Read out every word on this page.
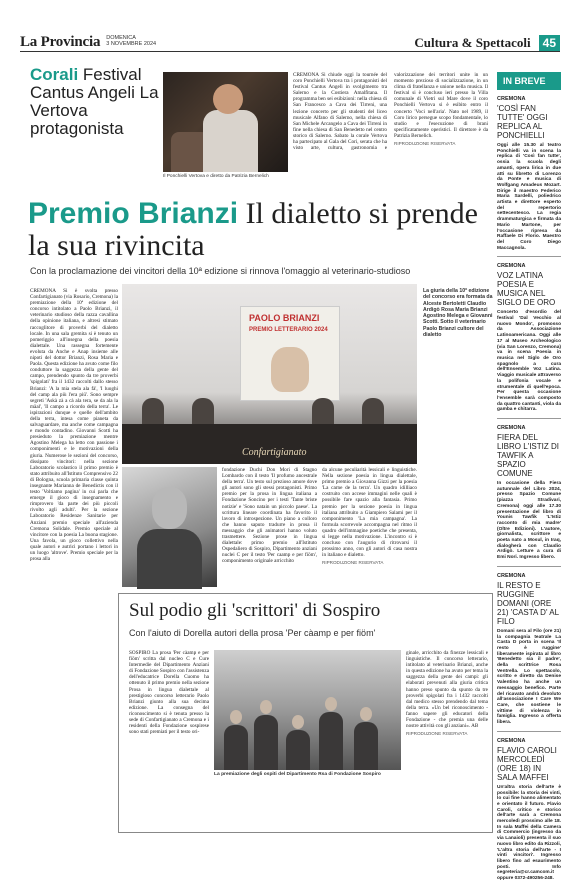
La Provincia DOMENICA
3 NOVEMBRE 2024	Cultura & Spettacoli	45
Corali Festival Cantus Angeli La Vertova protagonista
Il Ponchielli Vertova e diretto da Patrizia Bernelich
CREMONA Si chiude oggi la tournée del coro Ponchielli Vertova tra i protagonisti del festival Cantus Angeli in svolgimento tra Salerno e la Costiera Amalfitana. Il programma ben sei esibizioni: nella chiesa di San Francesco a Cava dei Tirreni, una lezione concerto per gli studenti del liceo musicale Alfano di Salerno, nella chiesa di San Michele Arcangelo a Cava dei Tirreni in fine nella chiesa di San Benedetto nel centro storico di Salerno. Sabato la corale Vertova ha partecipato al Gala del Cori, serata che ha visto arte, cultura, gastronomia e valorizzazione dei territori unite in un momento prezioso di socializzazione, in un clima di fratellanza e unione nella musica. Il festival si è concluso ieri presso la Villa comunale di Vietri sul Mare dove il coro Ponchielli Vertova si è esibito entro il concerto 'Voci nell'aria'. Nato nel 1989, il Coro lirico persegue scopo fondamentale, lo studio e l'esecuzione di brani specificatamente operistici. Il direttore è da Patrizia Bernelich.
RIPRODUZIONE RISERVATA
IN BREVE
CREMONA
'COSÌ FAN TUTTE' OGGI REPLICA AL PONCHIELLI
Oggi alle 15.30 al teatro Ponchielli va in scena la replica di 'Così fan tutte', ossia la scuola degli amanti, opera lirica in due atti su libretto di Lorenzo da Ponte e musica di Wolfgang Amadeus Mozart. Dirige il maestro Federico Maria Sardelli, poliedrico artista e direttore esperto del repertorio settecentesco. La regia drammaturgica e firmata da Mario Martone, per l'occasione ripresa da Raffaele Di Florio. Maestro del Coro Diego Maccagnola.
CREMONA
VOZ LATINA POESIA E MUSICA NEL SIGLO DE ORO
Concerto d'esordio del festival 'Dal Vecchio al nuovo Mondo', promosso da Associazione Latinoamericana. Oggi alle 17 al Museo Archeologico (via San Lorenzo, Cremona) va in scena Poesia in musica nel Siglo de Oro spagnolo a cura dell'Ensemble Voz Latina. Viaggio musicale attraverso la polifonia vocale e strumentale di quell'epoca. Per questa occasione l'ensemble sarà composto da quattro cantanti, viola da gamba e chitarra.
CREMONA
FIERA DEL LIBRO L'ISTIZ DI TAWFIK A SPAZIO COMUNE
In occasione della Fiera autunnale del Libro 2024, presso Spazio Comune (piazza Stradivari, Cremona) oggi alle 17.30 presentazione del libro di Younis Tawfik 'L'Istiz racconto di mia madre' (Oltre Edizioni). L'autore, giornalista, scrittore e poeta nato a Mosul, in Iraq, dialogherà con Claudio Ardigò. Letture a cura di Emi Nori. Ingresso libero.
CREMONA
IL RESTO E RUGGINE DOMANI (ORE 21) 'CASTA D' AL FILO
Domani sera al Filo (ore 21) la compagnia teatrale La Casta D porta in scena 'Il resto è ruggine' liberamente ispirata al libro 'Benedetto sia il padre', della scrittrice Rosa Ventrella. Lo spettacolo, scritto e diretto da Denise Valentino ha anche un messaggio benefico. Parte del ricavato andrà devoluto all'associazione I Care We Care, che sostiene le vittime di violenza in famiglia. Ingresso a offerta libera.
CREMONA
FLAVIO CAROLI MERCOLEDÌ (ORE 18) IN SALA MAFFEI
Un'altra storia dell'arte è possibile: la storia dei vinti, lo cui fine hanno alimentato e orientato il futuro. Flavio Caroli, critico e storico dell'arte sarà a Cremona mercoledì prossimo alle 18. In sala Maffei della Camera di Commercio (ingresso da via Lanaioli) presenta il suo nuovo libro edito da Rizzoli, 'L'altra storia dell'arte - I vinti vincitori'. Ingresso libero fino ad esaurimento posti. Info segreteria@cr.camcom.it oppure 0372-490256-248.
Premio Brianzi Il dialetto si prende la sua rivincita
Con la proclamazione dei vincitori della 10ª edizione si rinnova l'omaggio al veterinario-studioso
CREMONA Si è svolta presso Confartigianato (via Rosario, Cremona) la premiazione della 10ª edizione del concorso intitolato a Paolo Brianzi, il veterinario studioso della razza cavallina della opinione italiana, e altresì stimato raccoglitore di proverbi del dialetto locale. In una sala gremita si è tenuto un pomeriggio all'insegna della poesia dialettale. Una rassegna fortemente evoluta da Anche e Anap insieme alle nipoti del dottor Brianzi, Rosa Maria e Paola. Questa edizione ha avuto come filo conduttore la saggezza della gente del campo, prendendo spunto da tre proverbi 'spigolati' fra il 1432 raccolti dallo stesso Brianzi: 'A la mia stela ala fà', 'I luoghi del camp ala più l'era piü'. Sono sempre segreti 'Askà zà a cà ala tera, se da ala la mäal', 'Il campo a ricordo della terra'. Le ispirazioni dunque e quelle dell'ambito della terra, intesa come pianeta da salvaguardare, ma anche come campagna e mondo contadino. Giovanni Scotti ha presieduto la premiazione mentre Agostino Melega ha letto con passione i componimenti e le motivazioni della giuria. Numerose le sezioni del concorso, dissipato vincitori: nella sezione Laboratorio scolastico il primo premio è stato attribuito all'Istituto Comprensivo 22 di Bologna, scuola primaria classe quinta insegnante Marianna de Benedictis con il testo 'Voltiamo pagina' in cui parla che emerge il gioco di insegnamento e rimprovero 'da parte dei più piccoli rivolto agli adulti'. Per la sezione Laboratorio Residenze Sanitarie per Anziani premio speciale all'azienda Cremona Solidale. Premio speciale al vincitore con la poesia La buona stagione. Una favola, un gioco collettivo nella quale autori e autrici portano i lettori in un luogo 'altrove'. Premio speciale per la prosa alla
PAOLO BRIANZI
PREMIO LETTERARIO 2024
Confartigianato
La giuria della 10ª edizione del concorso era formata da Alceste Bertoletti Claudio Ardigò Rosa Maria Brianzi Agostino Melega e Giovanni Scotti. Sotto il veterinario Paolo Brianzi cultore del dialetto
fondazione Duchi Don Mori di Stagno Lombardo con il testo 'Il profumo ancestrale della terra'. Un testo sul prezioso amore dove gli autori sono gli stessi protagonisti. Primo premio per la prosa in lingua italiana a Fondazione Soncino per i testi 'Tante briste notizie' e 'Sono natain un piccolo paese'. La scrittura lineare coordinata ha favorito il lavoro di introspezione. Un piano a colloro che hanno saputo tradurre in prosa il messaggio che gli animatori hanno voluto trasmettere. Sezione prose in lingua dialettale: primo premio all'Istituto Ospedaliero di Sospiro, Dipartimento anziani nuclei C per il testo 'Per caamp e per fiöm', componimento originale arricchito
da alcune peculiarità lessicali e linguistiche. Nella sezione poesia in lingua dialettale, primo premio a Giovanna Gizzi per la poesia 'La carne de la terra'. Un quadro idilliaco costruito con accese immagini nelle quali è possibile fare spazio alla fantasia. Primo premio per la sezione poesia in lingua italiana attribuito a Giampiero Salami per il componimento 'La mia campagna'. La formula scorrevole accompagna nel ritmo il quadro dell'immagine poetiche che presenta, si legge nella motivazione. L'incontro si è concluso con l'augurio di ritrovarsi il prossimo anno, con gli autori di casa nostra in italiano e dialetto.
RIPRODUZIONE RISERVATA
Sul podio gli 'scrittori' di Sospiro
Con l'aiuto di Dorella autori della prosa 'Per càamp e per fiöm'
SOSPIRO La prosa 'Per càamp e per fiöm' scritta dal nucleo C e Cure Intermedie del Dipartimento Anziani di Fondazione Sospiro con l'assistenza dell'educatrice Dorella Cuomo ha ottenuto il primo premio nella sezione Prosa in lingua dialettale al prestigioso concorso letterario Paolo Brianzi giunto alla sua decima edizione. La consegna del riconoscimento si è tenuta presso la sede di Confartigianato a Cremona e i residenti della Fondazione sospirese sono stati premiati per il testo ori-
La premiazione degli ospiti del Dipartimento Rsa di Fondazione Sospiro
ginale, arricchito da finezze lessicali e linguistiche. Il concorso letterario, intitolato al veterinario Brianzi, anche in questa edizione ha avuto per tema la saggezza della gente dei campi: gli elaborati prevenuti alla giuria critica hanno preso spunto da spunto da tre proverbi spigolati fra i 1432 raccolti dal medico stesso prendendo dal tema della terra. «Un bel riconoscimento - fanno sapere gli educatori della Fondazione - che premia una delle nostre attività con gli anziani». AB
RIPRODUZIONE RISERVATA
